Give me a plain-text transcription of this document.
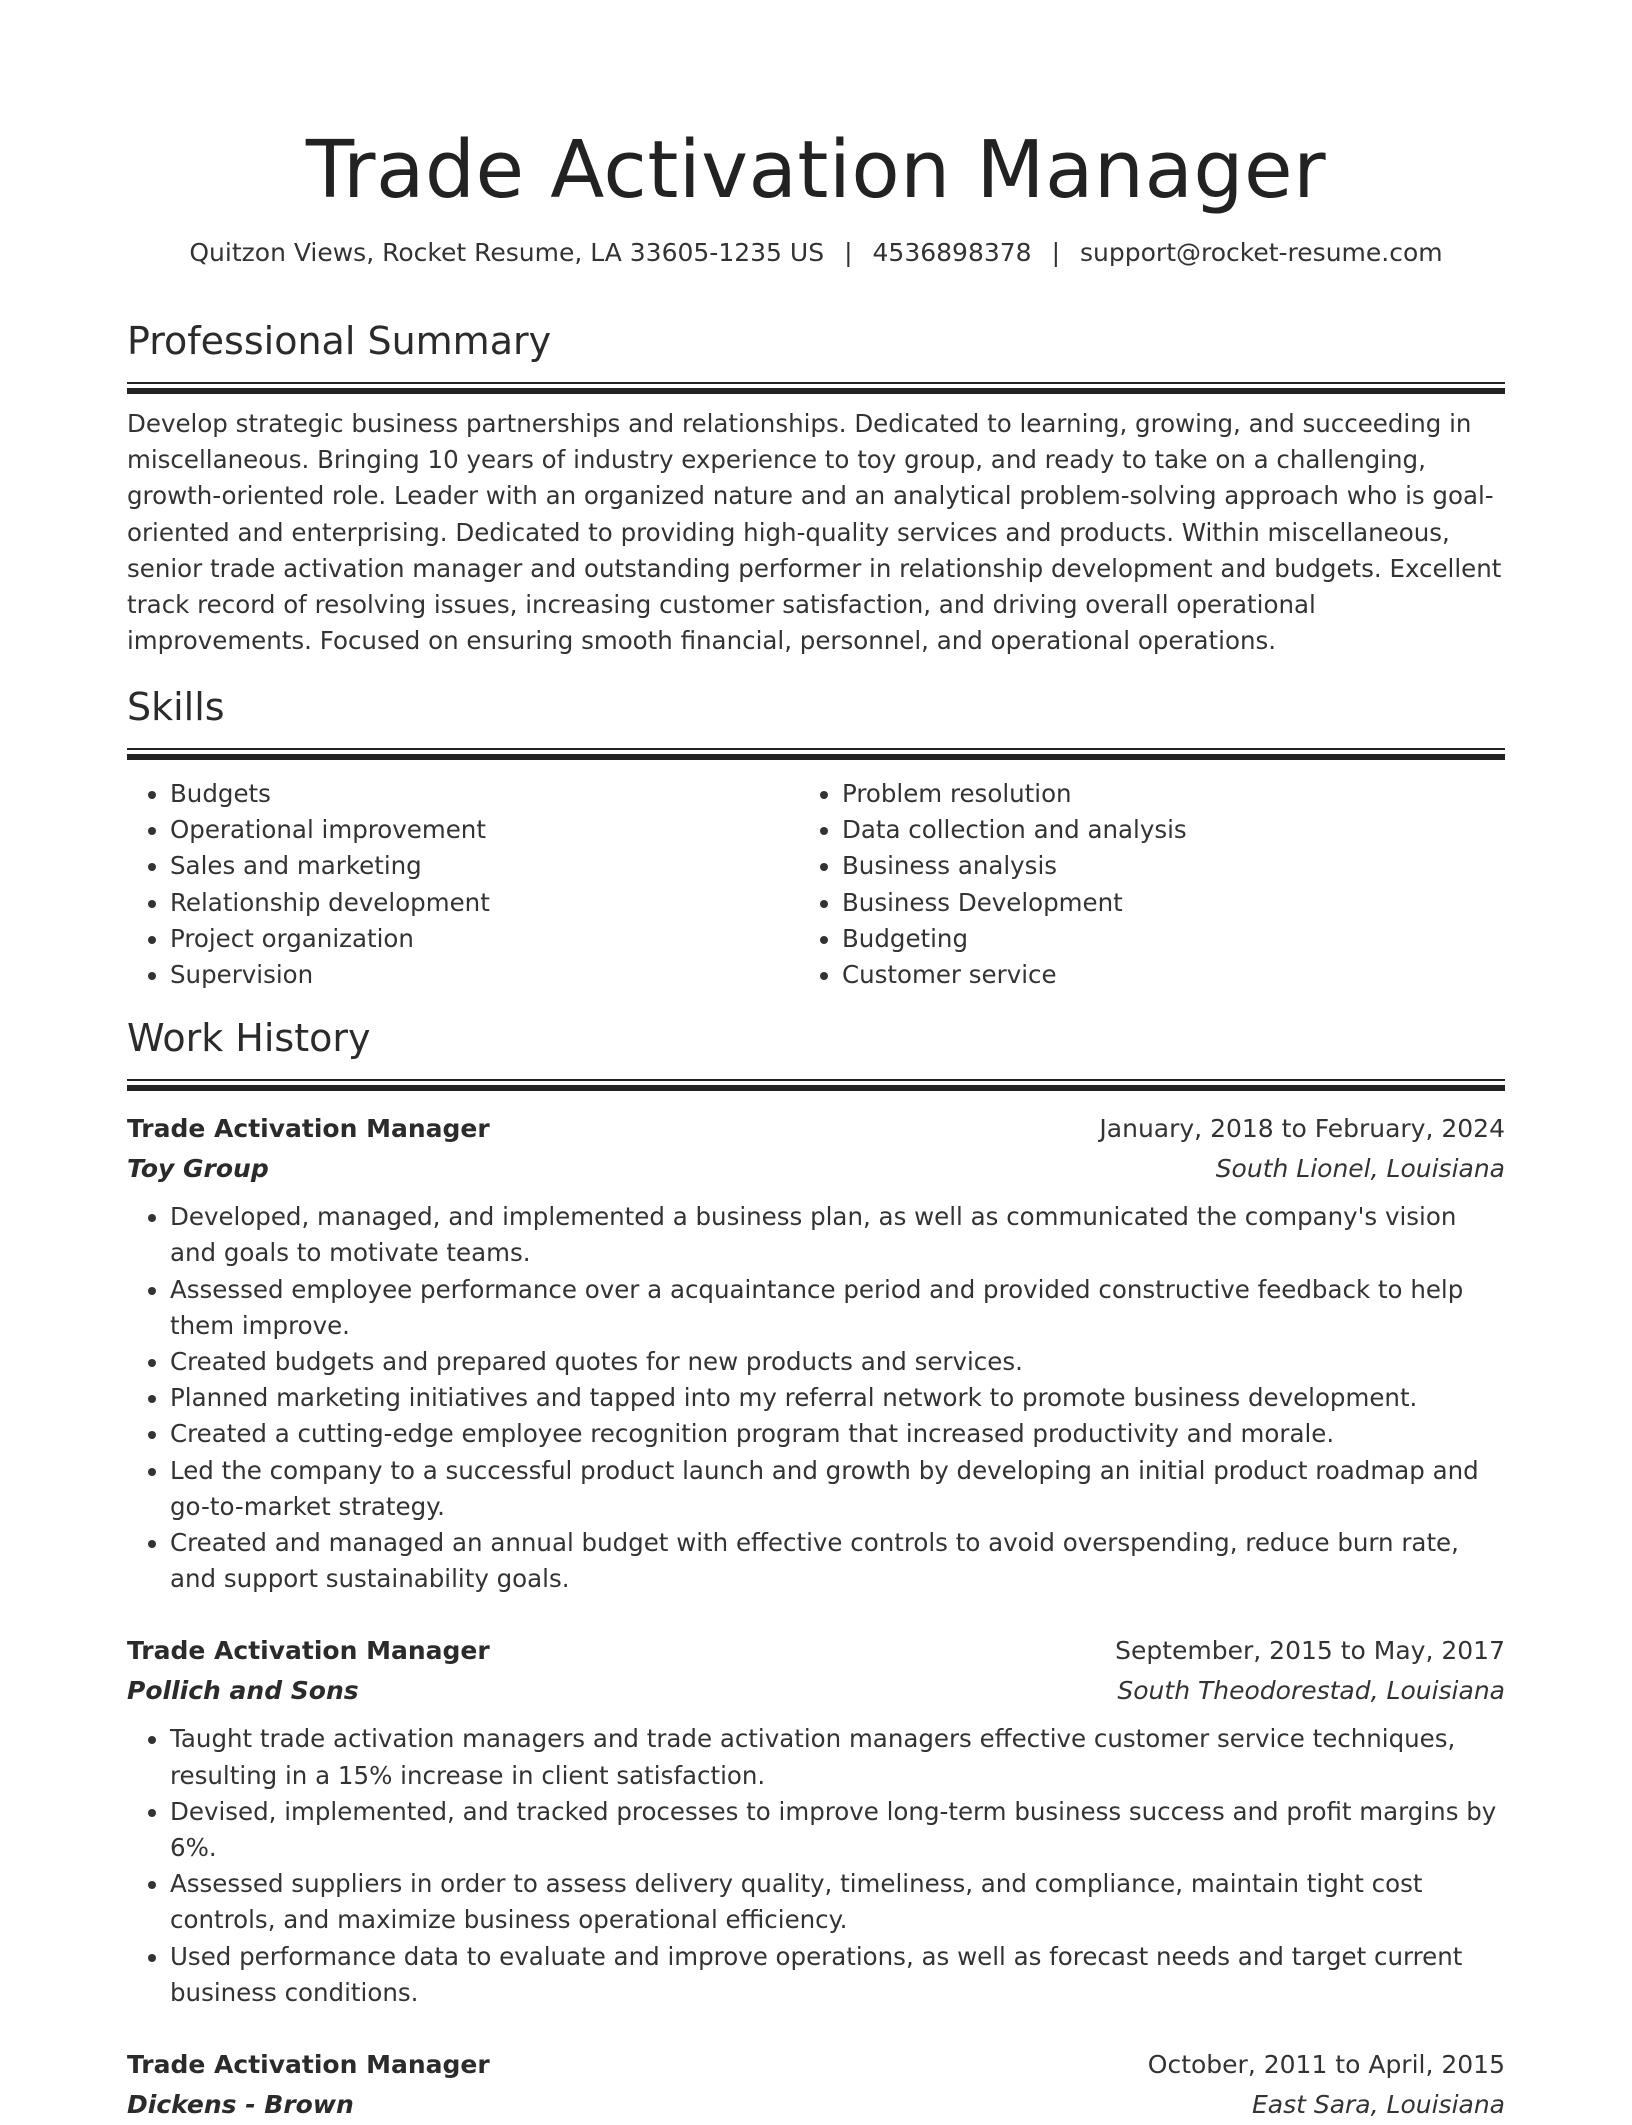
Trade Activation Manager
Quitzon Views, Rocket Resume, LA 33605-1235 US | 4536898378 | support@rocket-resume.com
Professional Summary

Develop strategic business partnerships and relationships. Dedicated to learning, growing, and succeeding in miscellaneous. Bringing 10 years of industry experience to toy group, and ready to take on a challenging, growth-oriented role. Leader with an organized nature and an analytical problem-solving approach who is goal-oriented and enterprising. Dedicated to providing high-quality services and products. Within miscellaneous, senior trade activation manager and outstanding performer in relationship development and budgets. Excellent track record of resolving issues, increasing customer satisfaction, and driving overall operational improvements. Focused on ensuring smooth financial, personnel, and operational operations.

Skills
• Budgets
• Operational improvement
• Sales and marketing
• Relationship development
• Project organization
• Supervision
• Problem resolution
• Data collection and analysis
• Business analysis
• Business Development
• Budgeting
• Customer service
Work History
Trade Activation Manager	January, 2018 to February, 2024
Toy Group	South Lionel, Louisiana
• Developed, managed, and implemented a business plan, as well as communicated the company's vision and goals to motivate teams.
• Assessed employee performance over a acquaintance period and provided constructive feedback to help them improve.
• Created budgets and prepared quotes for new products and services.
• Planned marketing initiatives and tapped into my referral network to promote business development.
• Created a cutting-edge employee recognition program that increased productivity and morale.
• Led the company to a successful product launch and growth by developing an initial product roadmap and go-to-market strategy.
• Created and managed an annual budget with effective controls to avoid overspending, reduce burn rate, and support sustainability goals.
Trade Activation Manager	September, 2015 to May, 2017
Pollich and Sons	South Theodorestad, Louisiana
• Taught trade activation managers and trade activation managers effective customer service techniques, resulting in a 15% increase in client satisfaction.
• Devised, implemented, and tracked processes to improve long-term business success and profit margins by 6%.
• Assessed suppliers in order to assess delivery quality, timeliness, and compliance, maintain tight cost controls, and maximize business operational efficiency.
• Used performance data to evaluate and improve operations, as well as forecast needs and target current business conditions.
Trade Activation Manager	October, 2011 to April, 2015
Dickens - Brown	East Sara, Louisiana
